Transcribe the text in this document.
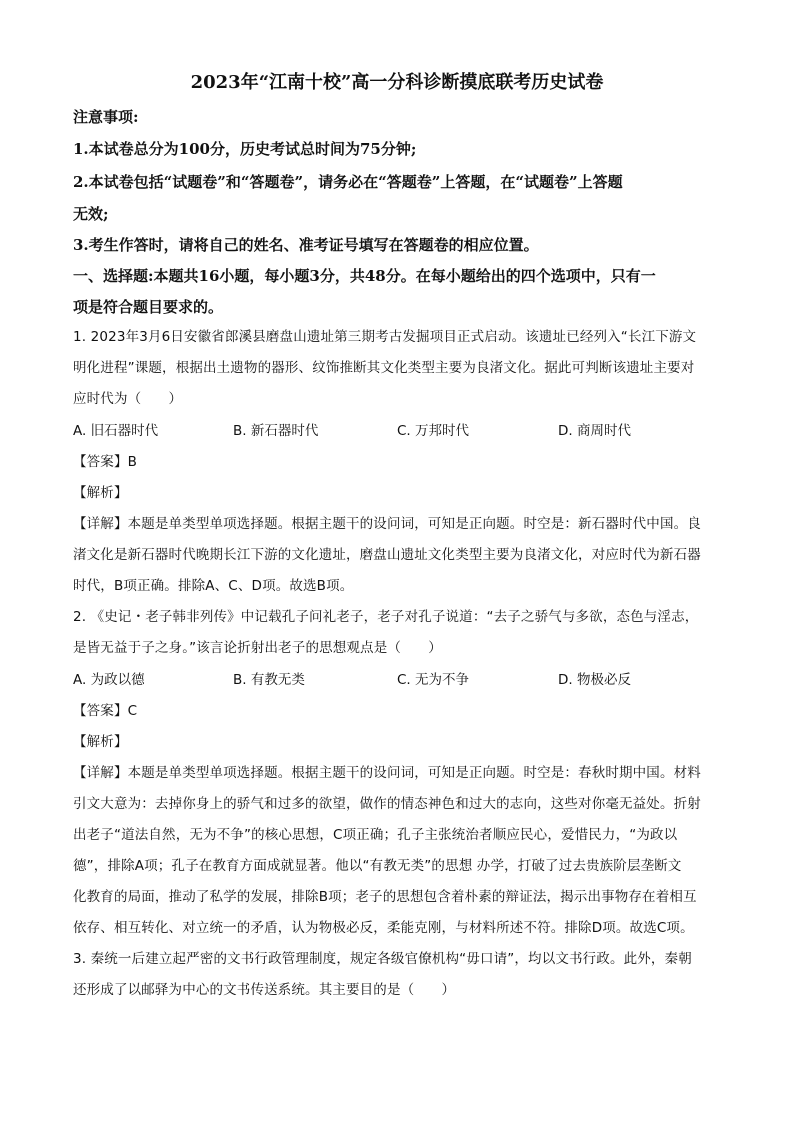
2023年“江南十校”高一分科诊断摸底联考历史试卷
注意事项:
1.本试卷总分为100分，历史考试总时间为75分钟;
2.本试卷包括“试题卷”和“答题卷”，请务必在“答题卷”上答题，在“试题卷”上答题
无效;
3.考生作答时，请将自己的姓名、准考证号填写在答题卷的相应位置。
一、选择题:本题共16小题，每小题3分，共48分。在每小题给出的四个选项中，只有一
项是符合题目要求的。
1. 2023年3月6日安徽省郎溪县磨盘山遗址第三期考古发掘项目正式启动。该遗址已经列入“长江下游文
明化进程”课题，根据出土遗物的器形、纹饰推断其文化类型主要为良渚文化。据此可判断该遗址主要对
应时代为（　　）
A. 旧石器时代	B. 新石器时代	C. 万邦时代	D. 商周时代
【答案】B
【解析】
【详解】本题是单类型单项选择题。根据主题干的设问词，可知是正向题。时空是：新石器时代中国。良
渚文化是新石器时代晚期长江下游的文化遗址，磨盘山遗址文化类型主要为良渚文化，对应时代为新石器
时代，B项正确。排除A、C、D项。故选B项。
2. 《史记・老子韩非列传》中记载孔子问礼老子，老子对孔子说道：“去子之骄气与多欲，态色与淫志，
是皆无益于子之身。”该言论折射出老子的思想观点是（　　）
A. 为政以德	B. 有教无类	C. 无为不争	D. 物极必反
【答案】C
【解析】
【详解】本题是单类型单项选择题。根据主题干的设问词，可知是正向题。时空是：春秋时期中国。材料
引文大意为：去掉你身上的骄气和过多的欲望，做作的情态神色和过大的志向，这些对你毫无益处。折射
出老子“道法自然，无为不争”的核心思想，C项正确；孔子主张统治者顺应民心，爱惜民力，“为政以
德”，排除A项；孔子在教育方面成就显著。他以“有教无类”的思想 办学，打破了过去贵族阶层垄断文
化教育的局面，推动了私学的发展，排除B项；老子的思想包含着朴素的辩证法，揭示出事物存在着相互
依存、相互转化、对立统一的矛盾，认为物极必反，柔能克刚，与材料所述不符。排除D项。故选C项。
3. 秦统一后建立起严密的文书行政管理制度，规定各级官僚机构“毋口请”，均以文书行政。此外，秦朝
还形成了以邮驿为中心的文书传送系统。其主要目的是（　　）
